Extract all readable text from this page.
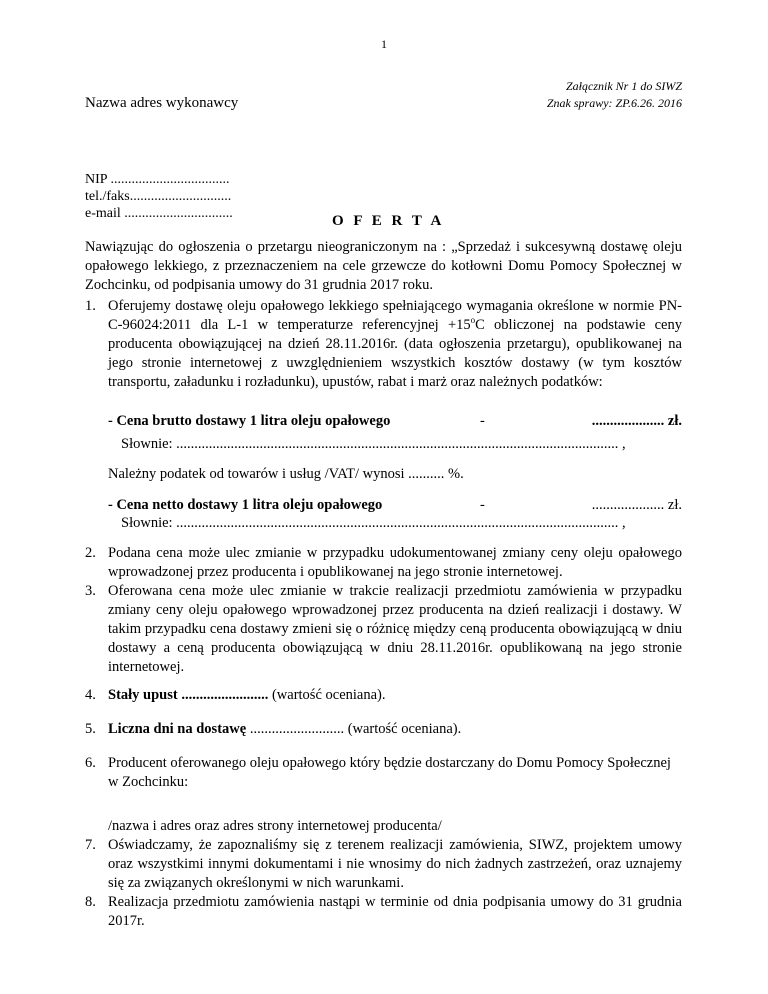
1
Załącznik Nr 1 do SIWZ
Znak sprawy: ZP.6.26. 2016
Nazwa adres wykonawcy
NIP ..................................
tel./faks.............................
e-mail ...............................	O F E R T A
Nawiązując do ogłoszenia o przetargu nieograniczonym na : „Sprzedaż i sukcesywną dostawę oleju opałowego lekkiego, z przeznaczeniem na cele grzewcze do kotłowni Domu Pomocy Społecznej w Zochcinku, od podpisania umowy do 31 grudnia 2017 roku.
1. Oferujemy dostawę oleju opałowego lekkiego spełniającego wymagania określone w normie PN-C-96024:2011 dla L-1 w temperaturze referencyjnej $+15^oC$ obliczonej na podstawie ceny producenta obowiązującej na dzień 28.11.2016r. (data ogłoszenia przetargu), opublikowanej na jego stronie internetowej z uwzględnieniem wszystkich kosztów dostawy (w tym kosztów transportu, załadunku i rozładunku), upustów, rabat i marż oraz należnych podatków:
- Cena brutto dostawy 1 litra oleju opałowego	-	.................... zł.
Słownie: .......................................................................................................................... ,
Należny podatek od towarów i usług /VAT/ wynosi .......... %.
- Cena netto dostawy 1 litra oleju opałowego	-	.................... zł.
Słownie: .......................................................................................................................... ,
2. Podana cena może ulec zmianie w przypadku udokumentowanej zmiany ceny oleju opałowego wprowadzonej przez producenta i opublikowanej na jego stronie internetowej.
3. Oferowana cena może ulec zmianie w trakcie realizacji przedmiotu zamówienia w przypadku zmiany ceny oleju opałowego wprowadzonej przez producenta na dzień realizacji i dostawy. W takim przypadku cena dostawy zmieni się o różnicę między ceną producenta obowiązującą w dniu dostawy a ceną producenta obowiązującą w dniu 28.11.2016r. opublikowaną na jego stronie internetowej.
4. Stały upust ........................ (wartość oceniana).
5. Liczna dni na dostawę .......................... (wartość oceniana).
6. Producent oferowanego oleju opałowego który będzie dostarczany do Domu Pomocy Społecznej w Zochcinku:
/nazwa i adres oraz adres strony internetowej producenta/
7. Oświadczamy, że zapoznaliśmy się z terenem realizacji zamówienia, SIWZ, projektem umowy oraz wszystkimi innymi dokumentami i nie wnosimy do nich żadnych zastrzeżeń, oraz uznajemy się za związanych określonymi w nich warunkami.
8. Realizacja przedmiotu zamówienia nastąpi w terminie od dnia podpisania umowy do 31 grudnia 2017r.
